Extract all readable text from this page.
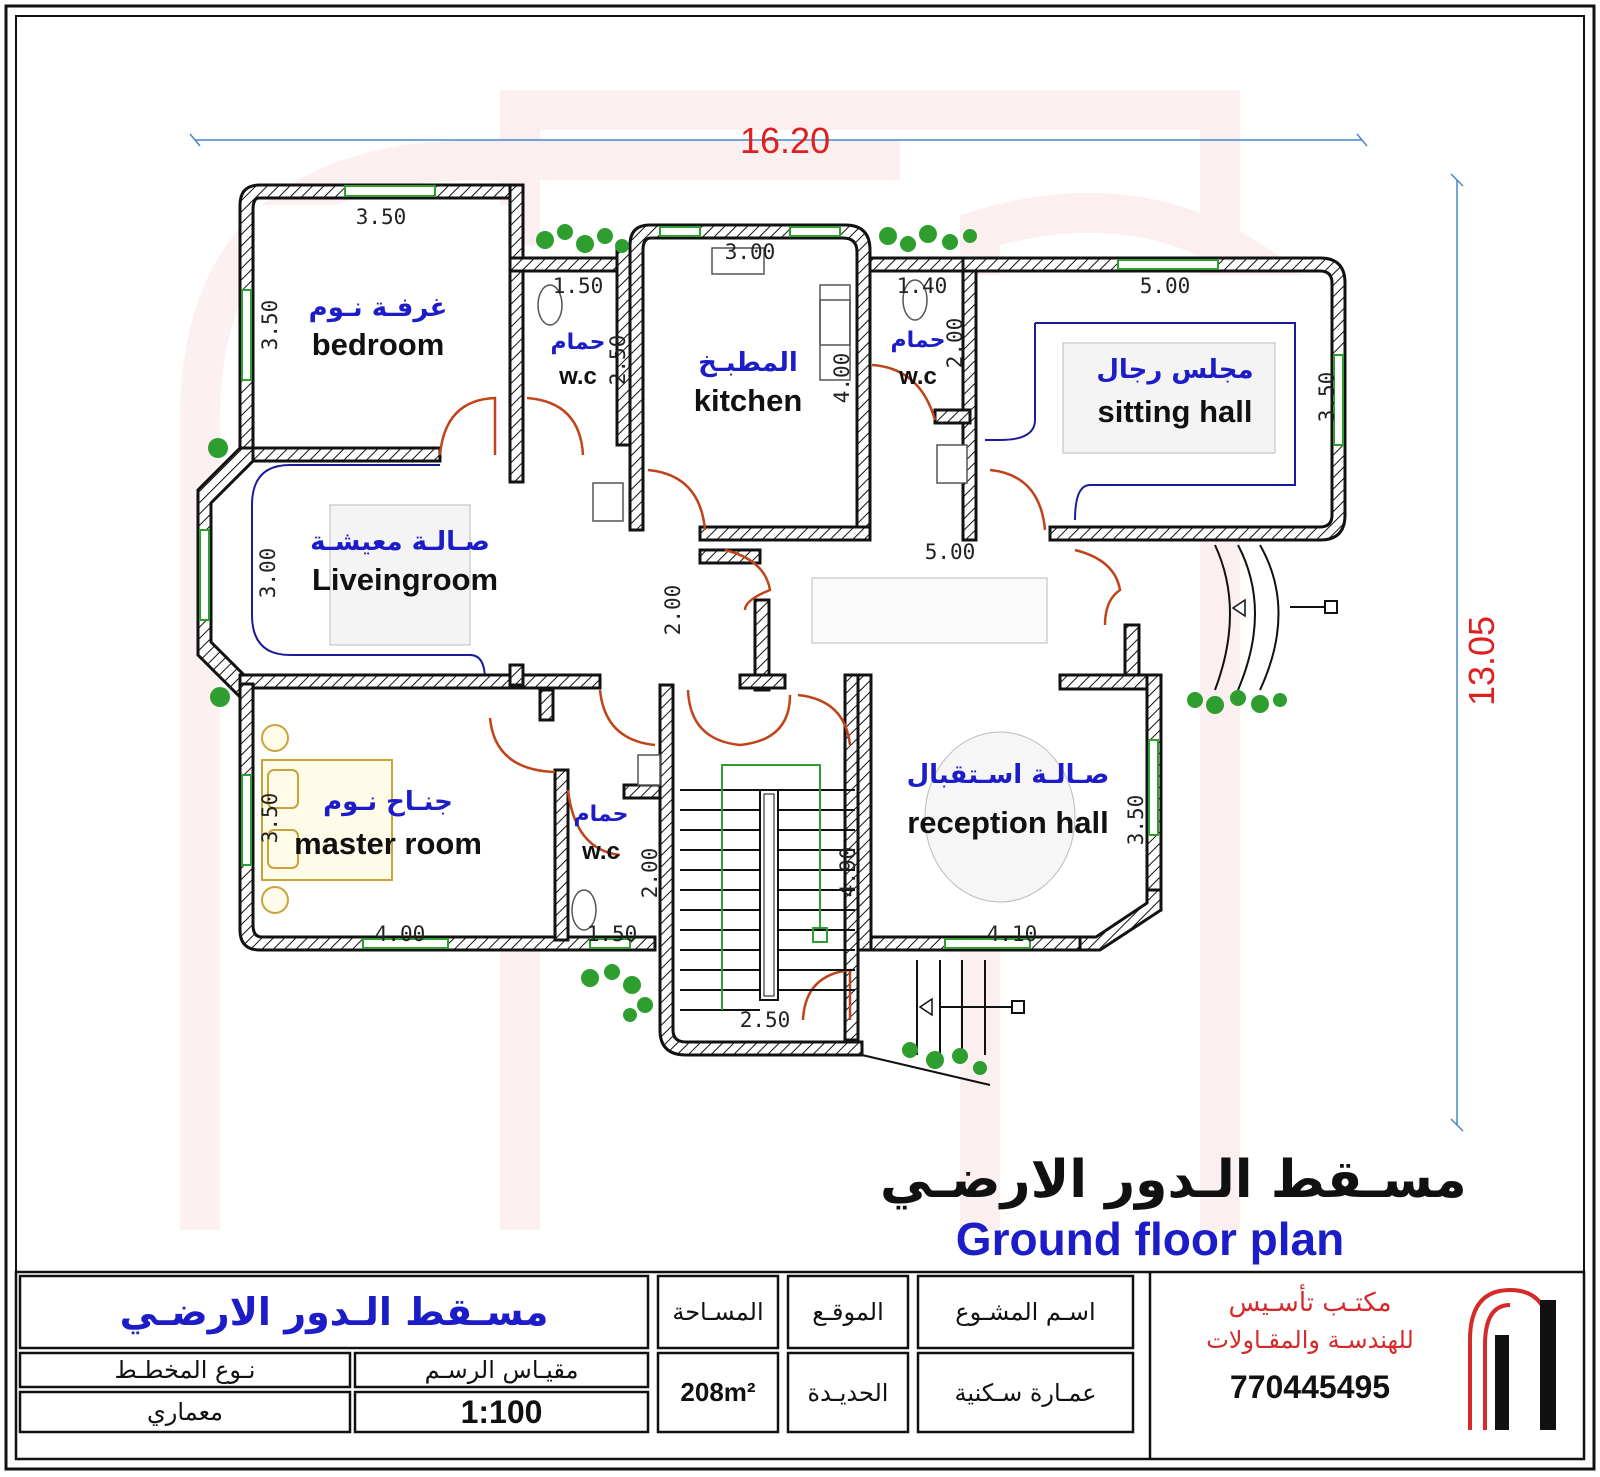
16.20
13.05
غرفـة نـوم
bedroom	حمام
w.c	المطبـخ
kitchen
حمام
w.c	مجلس رجال
sitting hall
صـالـة معيشـة
Liveingroom
جنـاح نـوم
master room
حمام
w.c
صـالـة اسـتقبال
reception hall
3.50
3.50
1.50
2.50
3.00
4.00
1.40
2.00
5.00
3.50
3.00
2.00
5.00
3.50
4.00
2.00
1.50
4.90
2.50
3.50
4.10
مسـقط الـدور الارضـي
Ground floor plan
مسـقط الـدور الارضـي
نـوع المخطـط
معماري
مقيـاس الرسـم
1:100
المسـاحة
208m²
الموقـع
الحديـدة
اسـم المشـوع
عمـارة سـكنية
مكتـب تأسـيس
للهندسـة والمقـاولات
770445495
